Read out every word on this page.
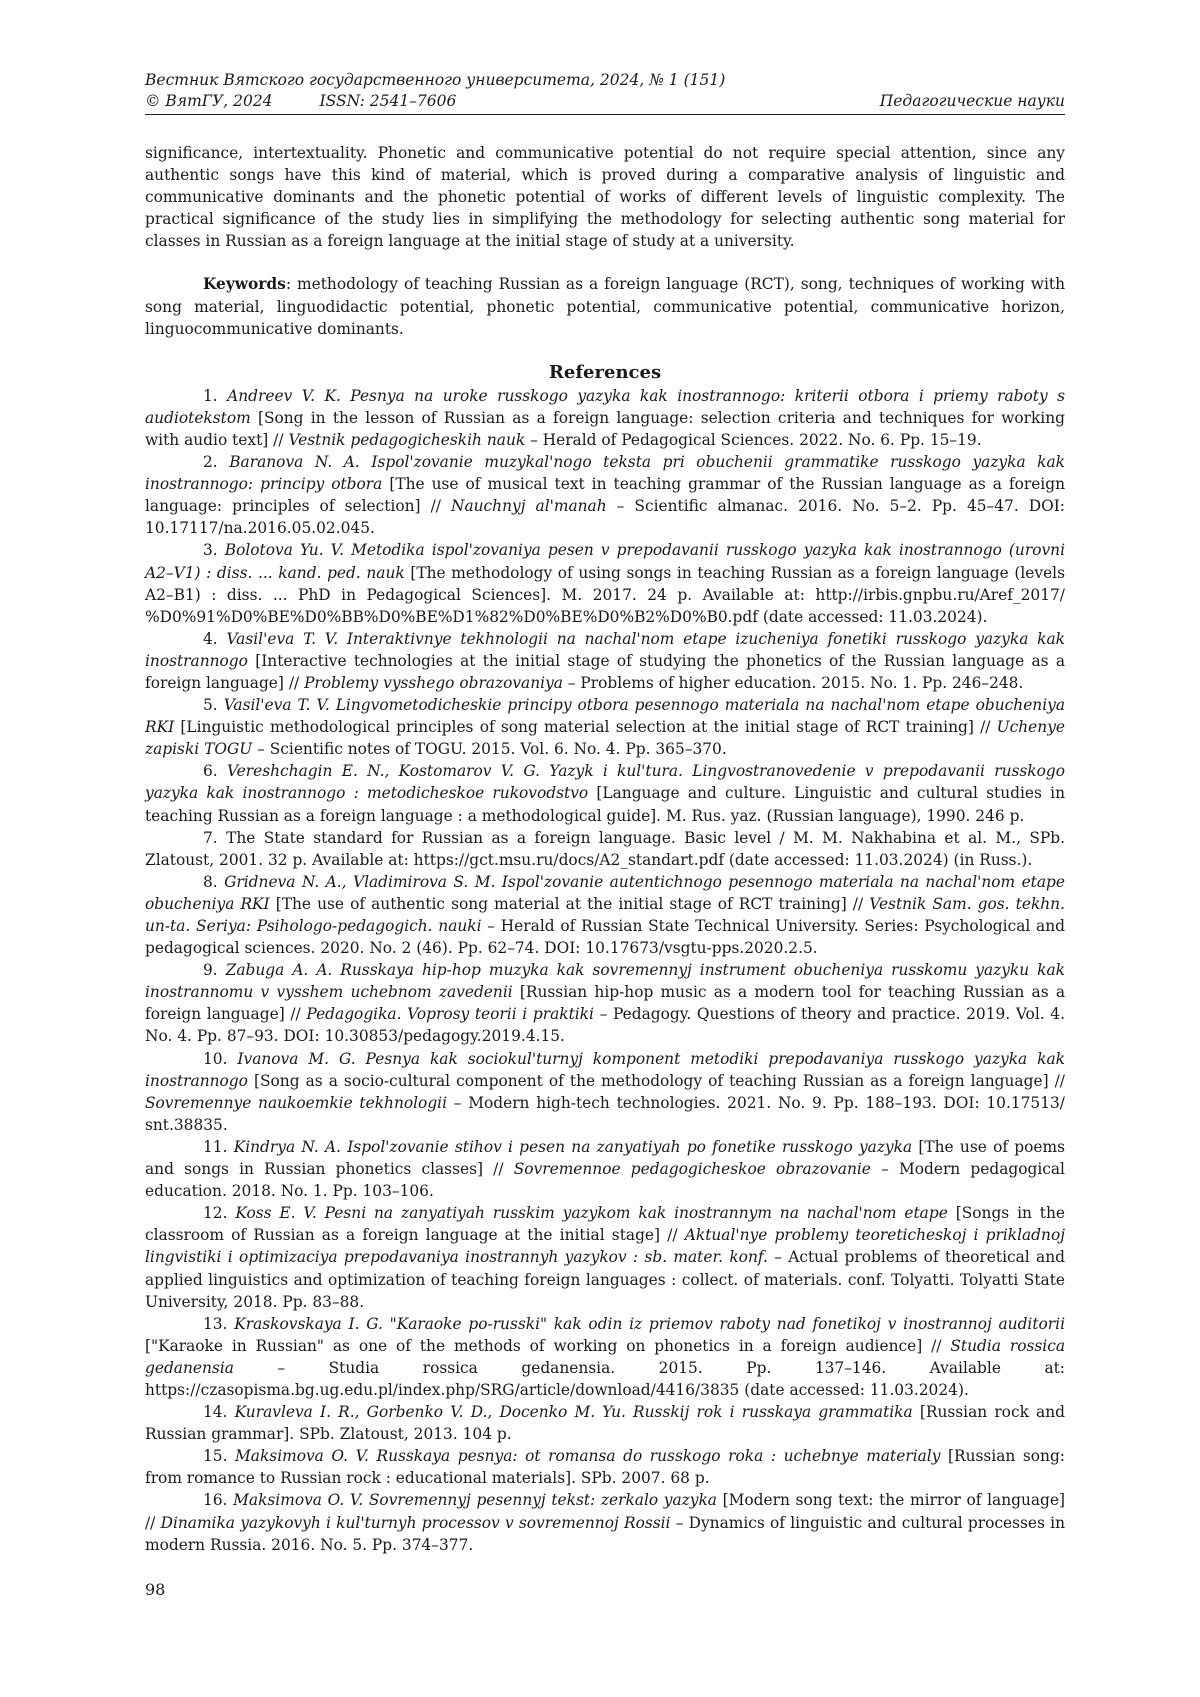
Вестник Вятского государственного университета, 2024, № 1 (151)
© ВятГУ, 2024	ISSN: 2541–7606	Педагогические науки

significance, intertextuality. Phonetic and communicative potential do not require special attention, since any authentic songs have this kind of material, which is proved during a comparative analysis of linguistic and communicative dominants and the phonetic potential of works of different levels of linguistic complexity. The practical significance of the study lies in simplifying the methodology for selecting authentic song material for classes in Russian as a foreign language at the initial stage of study at a university.

Keywords: methodology of teaching Russian as a foreign language (RCT), song, techniques of working with song material, linguodidactic potential, phonetic potential, communicative potential, communicative horizon, linguocommunicative dominants.

References

1. Andreev V. K. Pesnya na uroke russkogo yazyka kak inostrannogo: kriterii otbora i priemy raboty s audiotekstom [Song in the lesson of Russian as a foreign language: selection criteria and techniques for working with audio text] // Vestnik pedagogicheskih nauk – Herald of Pedagogical Sciences. 2022. No. 6. Pp. 15–19.

2. Baranova N. A. Ispol'zovanie muzykal'nogo teksta pri obuchenii grammatike russkogo yazyka kak inostrannogo: principy otbora [The use of musical text in teaching grammar of the Russian language as a foreign language: principles of selection] // Nauchnyj al'manah – Scientific almanac. 2016. No. 5–2. Pp. 45–47. DOI: 10.17117/na.2016.05.02.045.

3. Bolotova Yu. V. Metodika ispol'zovaniya pesen v prepodavanii russkogo yazyka kak inostrannogo (urovni A2–V1) : diss. ... kand. ped. nauk [The methodology of using songs in teaching Russian as a foreign language (levels A2–B1) : diss. ... PhD in Pedagogical Sciences]. M. 2017. 24 p. Available at: http://irbis.gnpbu.ru/Aref_2017/ %D0%91%D0%BE%D0%BB%D0%BE%D1%82%D0%BE%D0%B2%D0%B0.pdf (date accessed: 11.03.2024).

4. Vasil'eva T. V. Interaktivnye tekhnologii na nachal'nom etape izucheniya fonetiki russkogo yazyka kak inostrannogo [Interactive technologies at the initial stage of studying the phonetics of the Russian language as a foreign language] // Problemy vysshego obrazovaniya – Problems of higher education. 2015. No. 1. Pp. 246–248.

5. Vasil'eva T. V. Lingvometodicheskie principy otbora pesennogo materiala na nachal'nom etape obucheniya RKI [Linguistic methodological principles of song material selection at the initial stage of RCT training] // Uchenye zapiski TOGU – Scientific notes of TOGU. 2015. Vol. 6. No. 4. Pp. 365–370.

6. Vereshchagin E. N., Kostomarov V. G. Yazyk i kul'tura. Lingvostranovedenie v prepodavanii russkogo yazyka kak inostrannogo : metodicheskoe rukovodstvo [Language and culture. Linguistic and cultural studies in teaching Russian as a foreign language : a methodological guide]. M. Rus. yaz. (Russian language), 1990. 246 p.

7. The State standard for Russian as a foreign language. Basic level / M. M. Nakhabina et al. M., SPb. Zlatoust, 2001. 32 p. Available at: https://gct.msu.ru/docs/A2_standart.pdf (date accessed: 11.03.2024) (in Russ.).

8. Gridneva N. A., Vladimirova S. M. Ispol'zovanie autentichnogo pesennogo materiala na nachal'nom etape obucheniya RKI [The use of authentic song material at the initial stage of RCT training] // Vestnik Sam. gos. tekhn. un-ta. Seriya: Psihologo-pedagogich. nauki – Herald of Russian State Technical University. Series: Psychological and pedagogical sciences. 2020. No. 2 (46). Pp. 62–74. DOI: 10.17673/vsgtu-pps.2020.2.5.

9. Zabuga A. A. Russkaya hip-hop muzyka kak sovremennyj instrument obucheniya russkomu yazyku kak inostrannomu v vysshem uchebnom zavedenii [Russian hip-hop music as a modern tool for teaching Russian as a foreign language] // Pedagogika. Voprosy teorii i praktiki – Pedagogy. Questions of theory and practice. 2019. Vol. 4. No. 4. Pp. 87–93. DOI: 10.30853/pedagogy.2019.4.15.

10. Ivanova M. G. Pesnya kak sociokul'turnyj komponent metodiki prepodavaniya russkogo yazyka kak inostrannogo [Song as a socio-cultural component of the methodology of teaching Russian as a foreign language] // Sovremennye naukoemkie tekhnologii – Modern high-tech technologies. 2021. No. 9. Pp. 188–193. DOI: 10.17513/ snt.38835.

11. Kindrya N. A. Ispol'zovanie stihov i pesen na zanyatiyah po fonetike russkogo yazyka [The use of poems and songs in Russian phonetics classes] // Sovremennoe pedagogicheskoe obrazovanie – Modern pedagogical education. 2018. No. 1. Pp. 103–106.

12. Koss E. V. Pesni na zanyatiyah russkim yazykom kak inostrannym na nachal'nom etape [Songs in the classroom of Russian as a foreign language at the initial stage] // Aktual'nye problemy teoreticheskoj i prikladnoj lingvistiki i optimizaciya prepodavaniya inostrannyh yazykov : sb. mater. konf. – Actual problems of theoretical and applied linguistics and optimization of teaching foreign languages : collect. of materials. conf. Tolyatti. Tolyatti State University, 2018. Pp. 83–88.

13. Kraskovskaya I. G. "Karaoke po-russki" kak odin iz priemov raboty nad fonetikoj v inostrannoj auditorii ["Karaoke in Russian" as one of the methods of working on phonetics in a foreign audience] // Studia rossica gedanensia – Studia rossica gedanensia. 2015. Pp. 137–146. Available at: https://czasopisma.bg.ug.edu.pl/index.php/SRG/article/download/4416/3835 (date accessed: 11.03.2024).

14. Kuravleva I. R., Gorbenko V. D., Docenko M. Yu. Russkij rok i russkaya grammatika [Russian rock and Russian grammar]. SPb. Zlatoust, 2013. 104 p.

15. Maksimova O. V. Russkaya pesnya: ot romansa do russkogo roka : uchebnye materialy [Russian song: from romance to Russian rock : educational materials]. SPb. 2007. 68 p.

16. Maksimova O. V. Sovremennyj pesennyj tekst: zerkalo yazyka [Modern song text: the mirror of language] // Dinamika yazykovyh i kul'turnyh processov v sovremennoj Rossii – Dynamics of linguistic and cultural processes in modern Russia. 2016. No. 5. Pp. 374–377.

98
